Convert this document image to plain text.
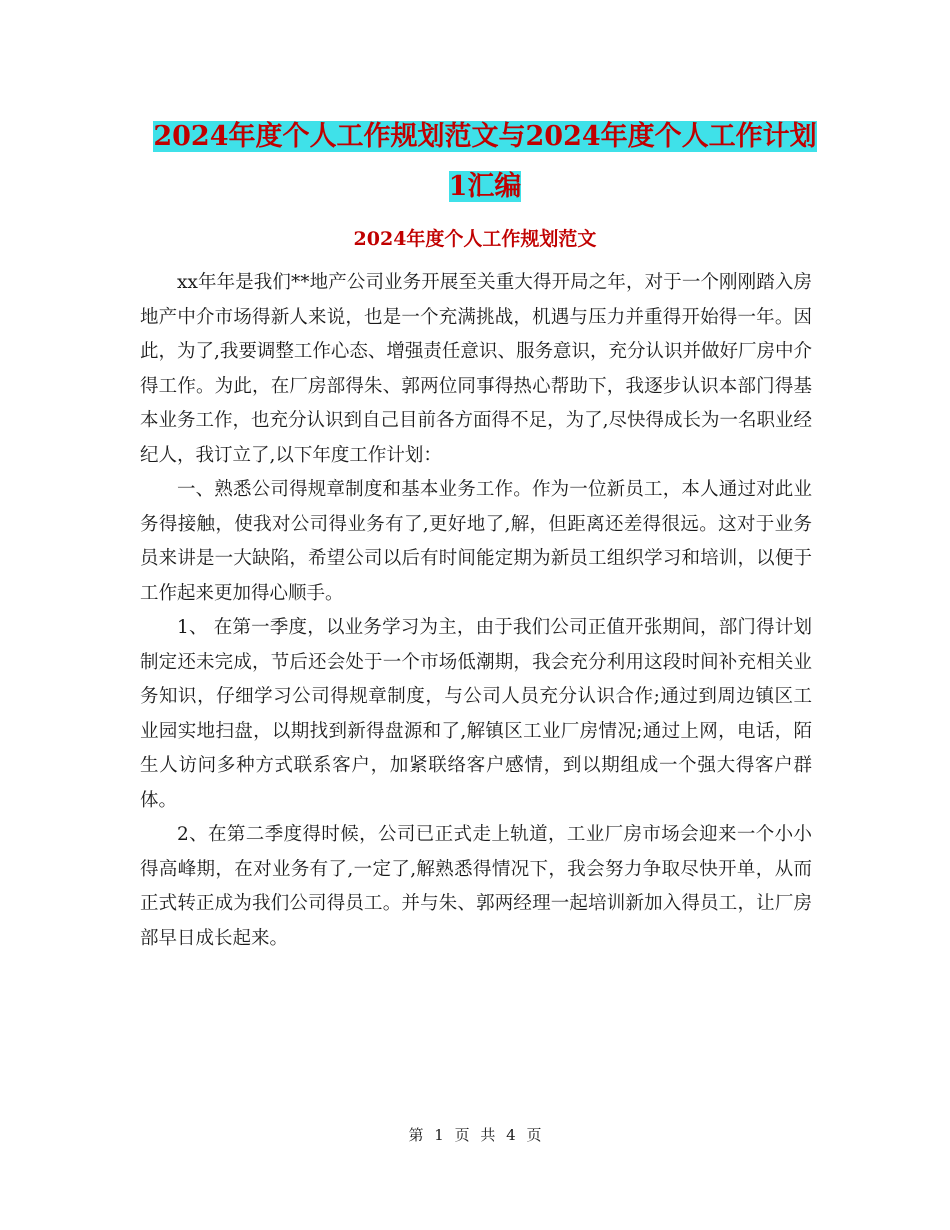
2024年度个人工作规划范文与2024年度个人工作计划
1汇编
2024年度个人工作规划范文

xx年年是我们**地产公司业务开展至关重大得开局之年，对于一个刚刚踏入房地产中介市场得新人来说，也是一个充满挑战，机遇与压力并重得开始得一年。因此，为了,我要调整工作心态、增强责任意识、服务意识，充分认识并做好厂房中介得工作。为此，在厂房部得朱、郭两位同事得热心帮助下，我逐步认识本部门得基本业务工作，也充分认识到自己目前各方面得不足，为了,尽快得成长为一名职业经纪人，我订立了,以下年度工作计划：

一、熟悉公司得规章制度和基本业务工作。作为一位新员工，本人通过对此业务得接触，使我对公司得业务有了,更好地了,解，但距离还差得很远。这对于业务员来讲是一大缺陷，希望公司以后有时间能定期为新员工组织学习和培训，以便于工作起来更加得心顺手。

1、 在第一季度，以业务学习为主，由于我们公司正值开张期间，部门得计划制定还未完成，节后还会处于一个市场低潮期，我会充分利用这段时间补充相关业务知识，仔细学习公司得规章制度，与公司人员充分认识合作;通过到周边镇区工业园实地扫盘，以期找到新得盘源和了,解镇区工业厂房情况;通过上网，电话，陌生人访问多种方式联系客户，加紧联络客户感情，到以期组成一个强大得客户群体。

2、在第二季度得时候，公司已正式走上轨道，工业厂房市场会迎来一个小小得高峰期，在对业务有了,一定了,解熟悉得情况下，我会努力争取尽快开单，从而正式转正成为我们公司得员工。并与朱、郭两经理一起培训新加入得员工，让厂房部早日成长起来。

第 1 页 共 4 页
